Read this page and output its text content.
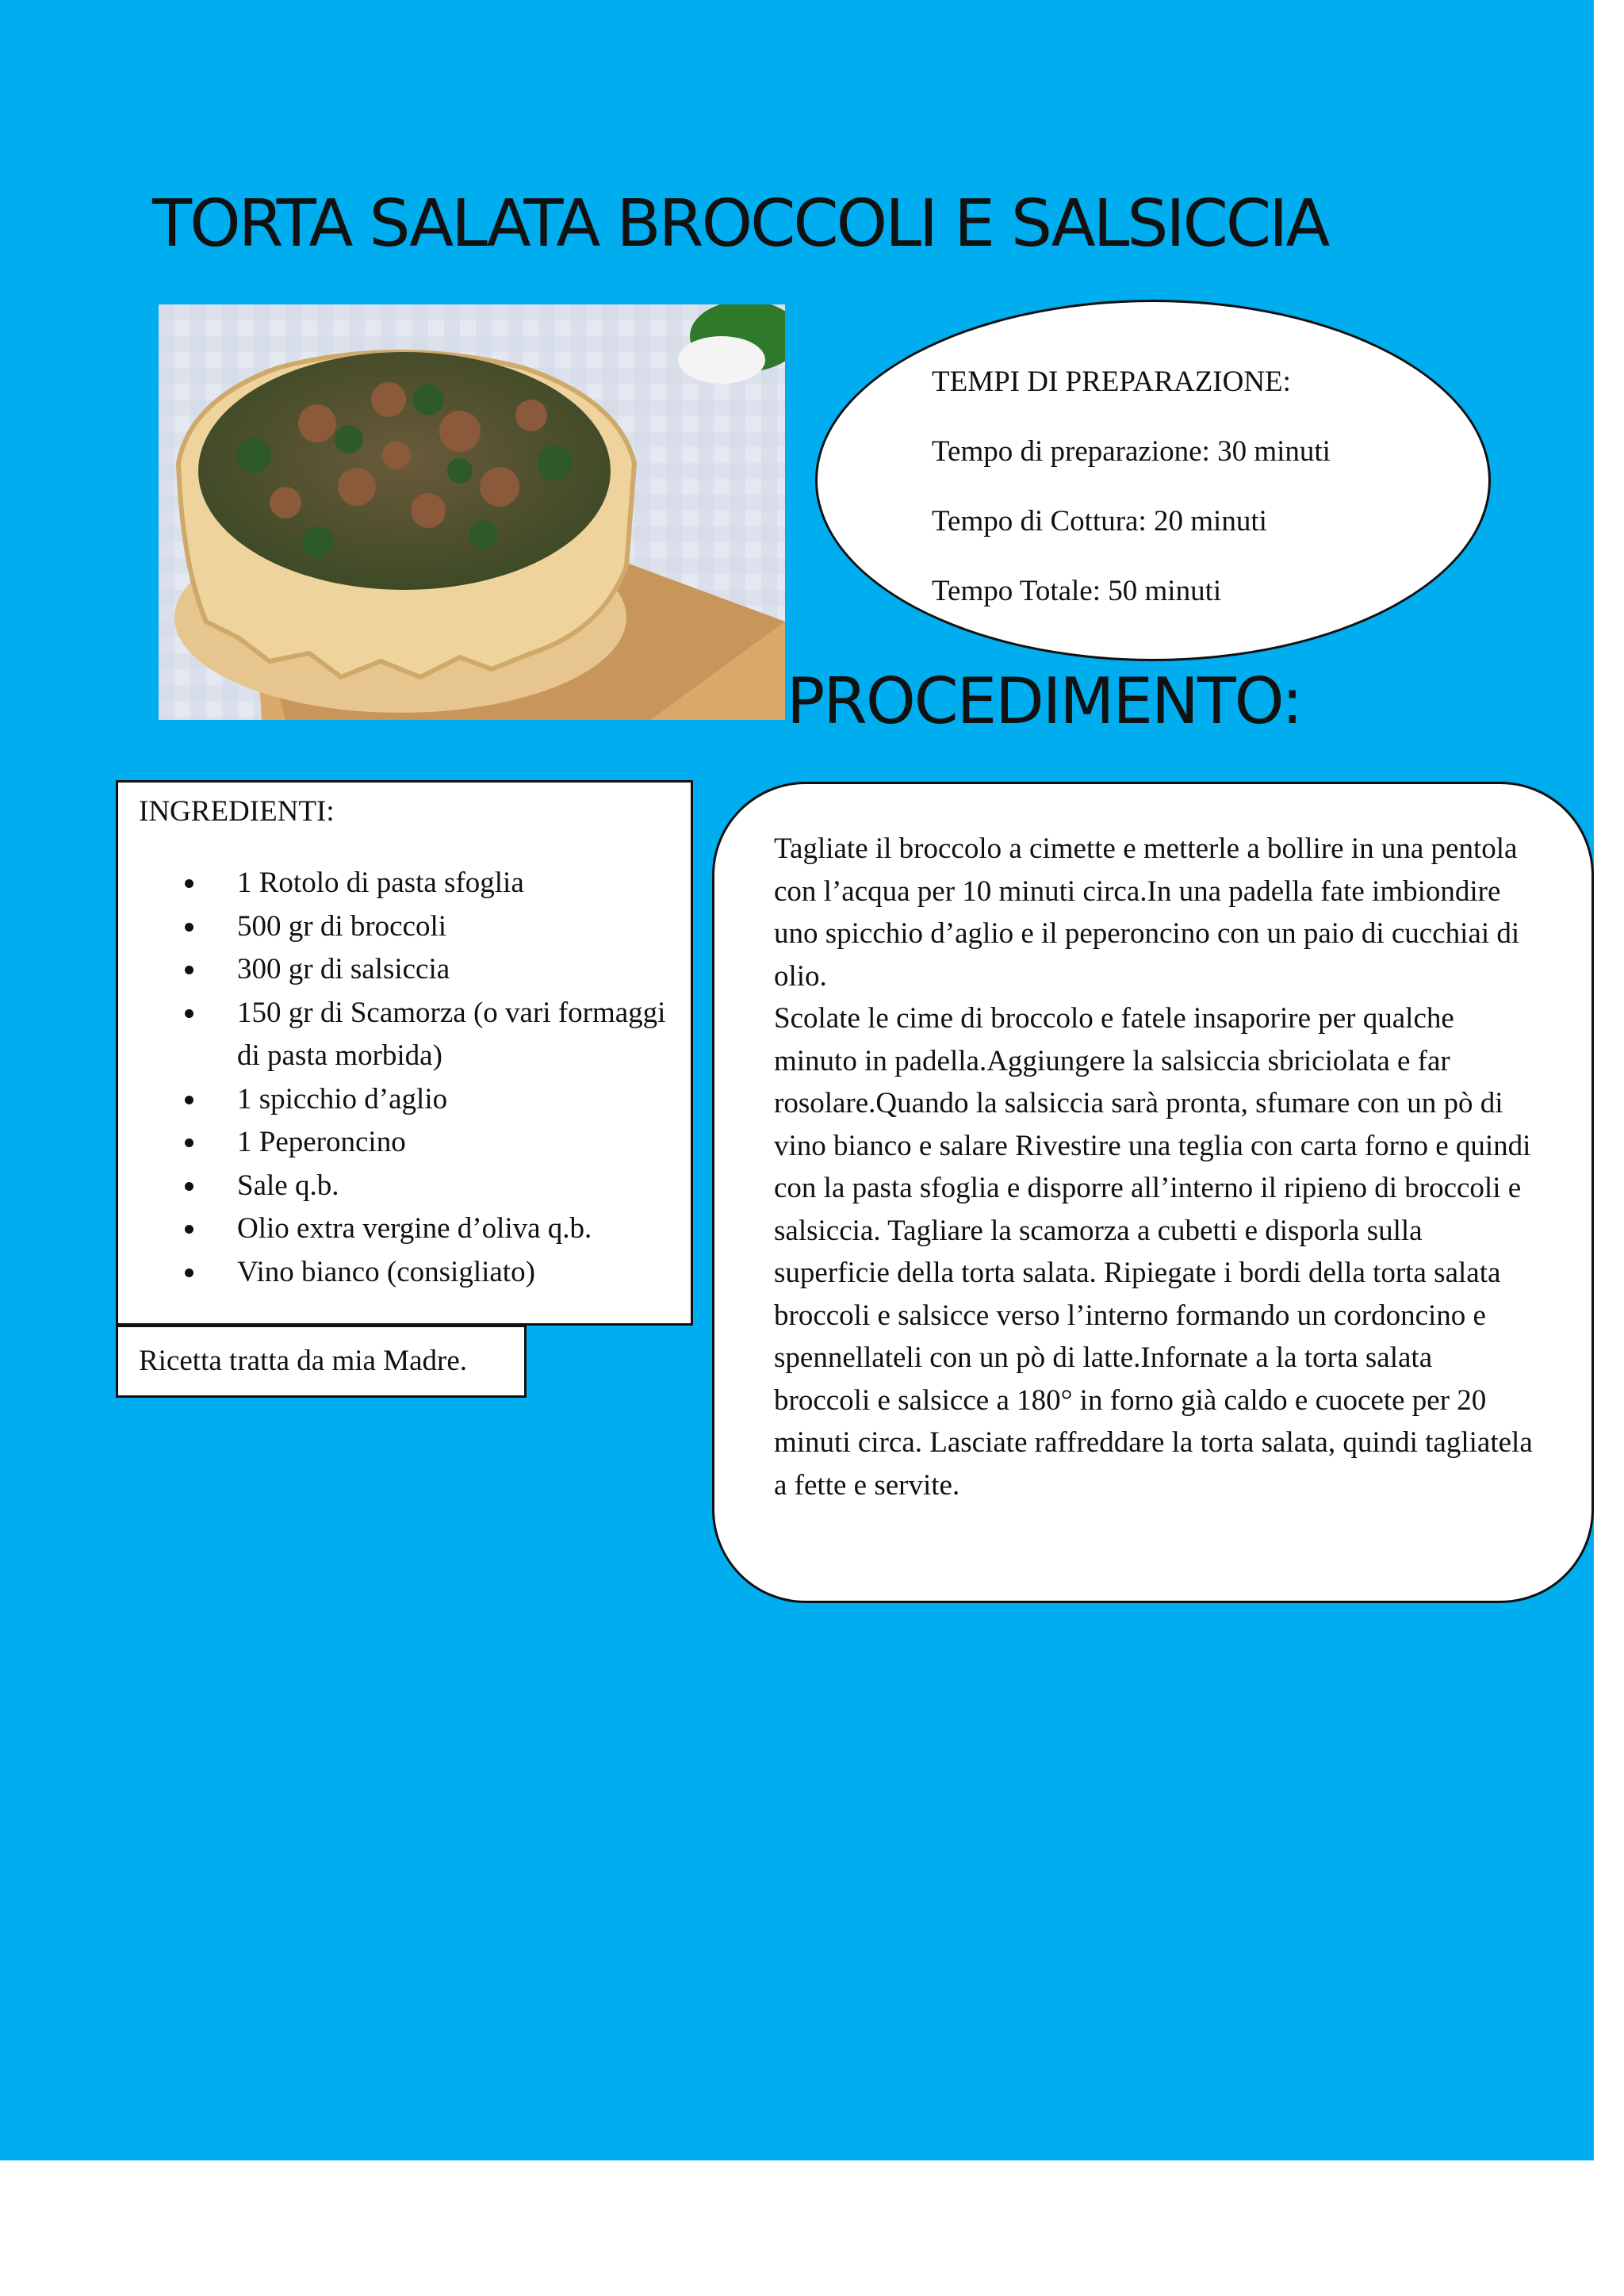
TORTA SALATA BROCCOLI E SALSICCIA
TEMPI DI PREPARAZIONE:
Tempo di preparazione: 30 minuti
Tempo di Cottura: 20 minuti
Tempo Totale: 50 minuti
PROCEDIMENTO:
INGREDIENTI:
1 Rotolo di pasta sfoglia
500 gr di broccoli
300 gr di salsiccia
150 gr di Scamorza (o vari formaggi di pasta morbida)
1 spicchio d’aglio
1 Peperoncino
Sale q.b.
Olio extra vergine d’oliva q.b.
Vino bianco (consigliato)
Ricetta tratta da mia Madre.

Tagliate il broccolo a cimette e metterle a bollire in una pentola con l’acqua per 10 minuti circa.In una padella fate imbiondire uno spicchio d’aglio e il peperoncino con un paio di cucchiai di olio.

Scolate le cime di broccolo e fatele insaporire per qualche minuto in padella.Aggiungere la salsiccia sbriciolata e far rosolare.Quando la salsiccia sarà pronta, sfumare con un pò di vino bianco e salare Rivestire una teglia con carta forno e quindi con la pasta sfoglia e disporre all’interno il ripieno di broccoli e salsiccia. Tagliare la scamorza a cubetti e disporla sulla superficie della torta salata. Ripiegate i bordi della torta salata broccoli e salsicce verso l’interno formando un cordoncino e spennellateli con un pò di latte.Infornate a la torta salata broccoli e salsicce a 180° in forno già caldo e cuocete per 20 minuti circa. Lasciate raffreddare la torta salata, quindi tagliatela a fette e servite.
